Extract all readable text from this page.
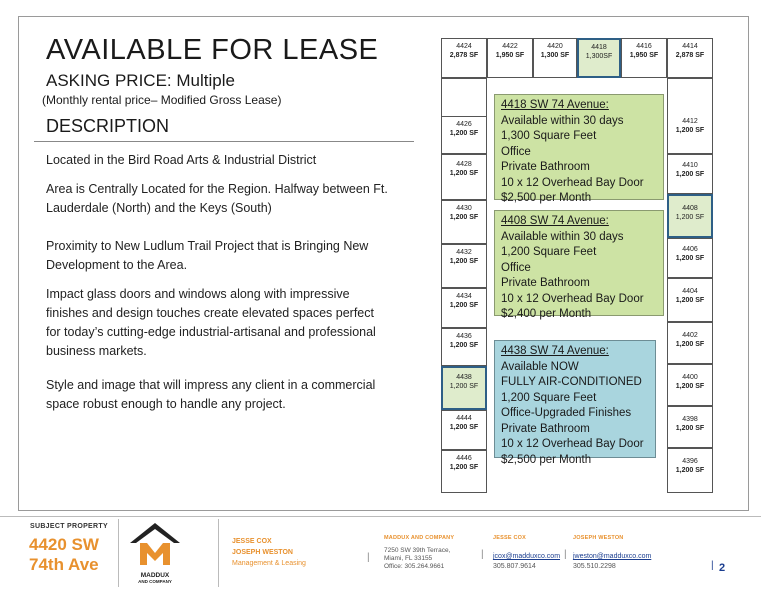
AVAILABLE FOR LEASE
ASKING PRICE: Multiple
(Monthly rental price– Modified Gross Lease)
DESCRIPTION
Located in the Bird Road Arts & Industrial District
Area is Centrally Located for the Region. Halfway between Ft. Lauderdale (North) and the Keys (South)
Proximity to New Ludlum Trail Project that is Bringing New Development to the Area.
Impact glass doors and windows along with impressive finishes and design touches create elevated spaces perfect for today’s cutting-edge industrial-artisanal and professional business markets.
Style and image that will impress any client in a commercial space robust enough to handle any project.
4424
2,878 SF
4422
1,950 SF
4420
1,300 SF
4418
1,300SF
4416
1,950 SF
4414
2,878 SF
4426
1,200 SF
4428
1,200 SF
4430
1,200 SF
4432
1,200 SF
4434
1,200 SF
4436
1,200 SF
4438
1,200 SF
4444
1,200 SF
4446
1,200 SF
4412
1,200 SF
4410
1,200 SF
4408
1,200 SF
4406
1,200 SF
4404
1,200 SF
4402
1,200 SF
4400
1,200 SF
4398
1,200 SF
4396
1,200 SF
4418 SW 74 Avenue:
Available within 30 days
1,300 Square Feet
Office
Private Bathroom
10 x 12 Overhead Bay Door
$2,500 per Month
4408 SW 74 Avenue:
Available within 30 days
1,200 Square Feet
Office
Private Bathroom
10 x 12 Overhead Bay Door
$2,400 per Month
4438 SW 74 Avenue:
Available NOW
FULLY AIR-CONDITIONED
1,200 Square Feet
Office-Upgraded Finishes
Private Bathroom
10 x 12 Overhead Bay Door
$2,500 per Month
SUBJECT PROPERTY
4420 SW
74th Ave
MADDUX
AND COMPANY
JESSE COX
JOSEPH WESTON
Management & Leasing
|
MADDUX AND COMPANY
7250 SW 39th Terrace,
Miami, FL 33155
Office: 305.264.9661
|
JESSE COX
jcox@madduxco.com
305.807.9614
|
JOSEPH WESTON
jweston@madduxco.com
305.510.2298	| 2
